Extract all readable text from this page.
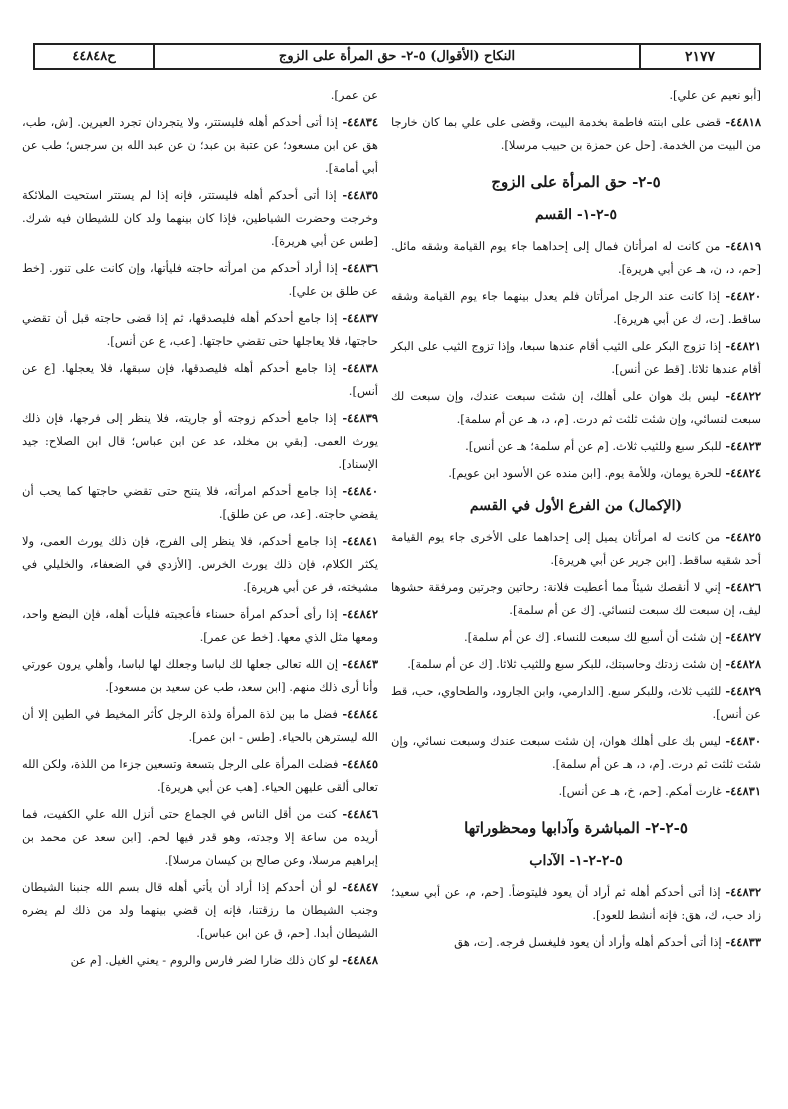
٢١٧٧
النكاح (الأقوال) ٥-٢- حق المرأة على الزوج
ح٤٤٨٤٨
[أبو نعيم عن علي].
٤٤٨١٨- قضى على ابنته فاطمة بخدمة البيت، وقضى على علي بما كان خارجا من البيت من الخدمة. [حل عن حمزة بن حبيب مرسلا].
٥-٢- حق المرأة على الزوج
٥-٢-١- القسم
٤٤٨١٩- من كانت له امرأتان فمال إلى إحداهما جاء يوم القيامة وشقه مائل. [حم، د، ن، هـ عن أبي هريرة].
٤٤٨٢٠- إذا كانت عند الرجل امرأتان فلم يعدل بينهما جاء يوم القيامة وشقه ساقط. [ت، ك عن أبي هريرة].
٤٤٨٢١- إذا تزوج البكر على الثيب أقام عندها سبعا، وإذا تزوج الثيب على البكر أقام عندها ثلاثا. [قط عن أنس].
٤٤٨٢٢- ليس بك هوان على أهلك، إن شئت سبعت عندك، وإن سبعت لك سبعت لنسائي، وإن شئت ثلثت ثم درت. [م، د، هـ عن أم سلمة].
٤٤٨٢٣- للبكر سبع وللثيب ثلاث. [م عن أم سلمة؛ هـ عن أنس].
٤٤٨٢٤- للحرة يومان، وللأمة يوم. [ابن منده عن الأسود ابن عويم].
(الإكمال) من الفرع الأول في القسم
٤٤٨٢٥- من كانت له امرأتان يميل إلى إحداهما على الأخرى جاء يوم القيامة أحد شقيه ساقط. [ابن جرير عن أبي هريرة].
٤٤٨٢٦- إني لا أنقصك شيئاً مما أعطيت فلانة: رحاتين وجرتين ومرفقة حشوها ليف، إن سبعت لك سبعت لنسائي. [ك عن أم سلمة].
٤٤٨٢٧- إن شئت أن أسبع لك سبعت للنساء. [ك عن أم سلمة].
٤٤٨٢٨- إن شئت زدتك وحاسبتك، للبكر سبع وللثيب ثلاثا. [ك عن أم سلمة].
٤٤٨٢٩- للثيب ثلاث، وللبكر سبع. [الدارمي، وابن الجارود، والطحاوي، حب، قط عن أنس].
٤٤٨٣٠- ليس بك على أهلك هوان، إن شئت سبعت عندك وسبعت نسائي، وإن شئت ثلثت ثم درت. [م، د، هـ عن أم سلمة].
٤٤٨٣١- غارت أمكم. [حم، خ، هـ عن أنس].
٥-٢-٢- المباشرة وآدابها ومحظوراتها
٥-٢-٢-١- الآداب
٤٤٨٣٢- إذا أتى أحدكم أهله ثم أراد أن يعود فليتوضأ. [حم، م، عن أبي سعيد؛ زاد حب، ك، هق: فإنه أنشط للعود].
٤٤٨٣٣- إذا أتى أحدكم أهله وأراد أن يعود فليغسل فرجه. [ت، هق
عن عمر].
٤٤٨٣٤- إذا أتى أحدكم أهله فليستتر، ولا يتجردان تجرد العيرين. [ش، طب، هق عن ابن مسعود؛ عن عتبة بن عبد؛ ن عن عبد الله بن سرجس؛ طب عن أبي أمامة].
٤٤٨٣٥- إذا أتى أحدكم أهله فليستتر، فإنه إذا لم يستتر استحيت الملائكة وخرجت وحضرت الشياطين، فإذا كان بينهما ولد كان للشيطان فيه شرك. [طس عن أبي هريرة].
٤٤٨٣٦- إذا أراد أحدكم من امرأته حاجته فليأتها، وإن كانت على تنور. [خط عن طلق بن علي].
٤٤٨٣٧- إذا جامع أحدكم أهله فليصدقها، ثم إذا قضى حاجته قبل أن تقضي حاجتها، فلا يعاجلها حتى تقضي حاجتها. [عب، ع عن أنس].
٤٤٨٣٨- إذا جامع أحدكم أهله فليصدقها، فإن سبقها، فلا يعجلها. [ع عن أنس].
٤٤٨٣٩- إذا جامع أحدكم زوجته أو جاريته، فلا ينظر إلى فرجها، فإن ذلك يورث العمى. [بقي بن مخلد، عد عن ابن عباس؛ قال ابن الصلاح: جيد الإسناد].
٤٤٨٤٠- إذا جامع أحدكم امرأته، فلا يتنح حتى تقضي حاجتها كما يحب أن يقضي حاجته. [عد، ص عن طلق].
٤٤٨٤١- إذا جامع أحدكم، فلا ينظر إلى الفرج، فإن ذلك يورث العمى، ولا يكثر الكلام، فإن ذلك يورث الخرس. [الأزدي في الضعفاء، والخليلي في مشيخته، فر عن أبي هريرة].
٤٤٨٤٢- إذا رأى أحدكم امرأة حسناء فأعجبته فليأت أهله، فإن البضع واحد، ومعها مثل الذي معها. [خط عن عمر].
٤٤٨٤٣- إن الله تعالى جعلها لك لباسا وجعلك لها لباسا، وأهلي يرون عورتي وأنا أرى ذلك منهم. [ابن سعد، طب عن سعيد بن مسعود].
٤٤٨٤٤- فضل ما بين لذة المرأة ولذة الرجل كأثر المخيط في الطين إلا أن الله ليسترهن بالحياء. [طس - ابن عمر].
٤٤٨٤٥- فضلت المرأة على الرجل بتسعة وتسعين جزءا من اللذة، ولكن الله تعالى ألقى عليهن الحياء. [هب عن أبي هريرة].
٤٤٨٤٦- كنت من أقل الناس في الجماع حتى أنزل الله علي الكفيت، فما أريده من ساعة إلا وجدته، وهو قدر فيها لحم. [ابن سعد عن محمد بن إبراهيم مرسلا، وعن صالح بن كيسان مرسلا].
٤٤٨٤٧- لو أن أحدكم إذا أراد أن يأتي أهله قال بسم الله جنبنا الشيطان وجنب الشيطان ما رزقتنا، فإنه إن قضي بينهما ولد من ذلك لم يضره الشيطان أبدا. [حم، ق عن ابن عباس].
٤٤٨٤٨- لو كان ذلك ضارا لضر فارس والروم - يعني الغيل. [م عن
